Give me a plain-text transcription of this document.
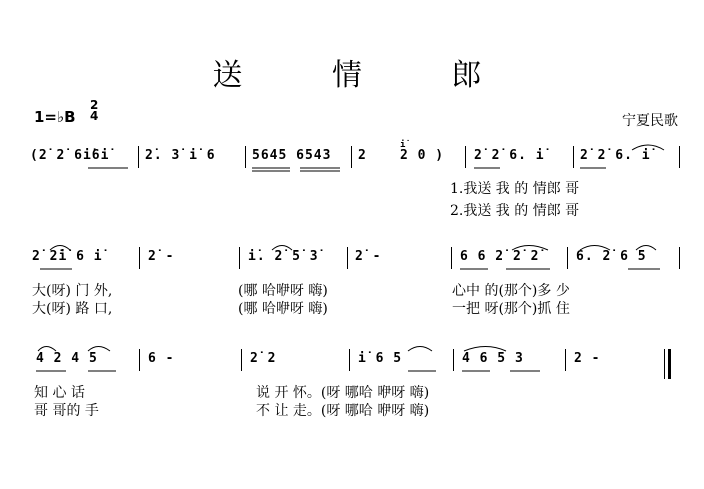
送 情 郎
1=♭B
2
4	宁夏民歌
(2̇ 2̇ 6i̇6i̇	2̇. 3̇ i̇ 6	5645 6543 2	2 0 ) 2̇ 2̇ 6. i̇	2̇ 2̇ 6. i̇
1.我送 我 的 情郎 哥
2.我送 我 的 情郎 哥
2̇ 2̇i̇ 6 i̇	2̇ -	i̇. 2̇ 5̇ 3̇	2̇ -	6 6 2̇ 2̇ 2̇	6. 2̇ 6 5
大(呀) 门 外,
大(呀) 路 口,
(哪 哈咿呀 嗨)
(哪 哈咿呀 嗨)
心中 的(那个)多 少
一把 呀(那个)抓 住
4 2 4 5	6 -	2̇ 2	i̇ 6 5	4 6 5 3	2 -
知 心 话
哥 哥的 手
说 开 怀。(呀 哪哈 咿呀 嗨)
不 让 走。(呀 哪哈 咿呀 嗨)
i̇
